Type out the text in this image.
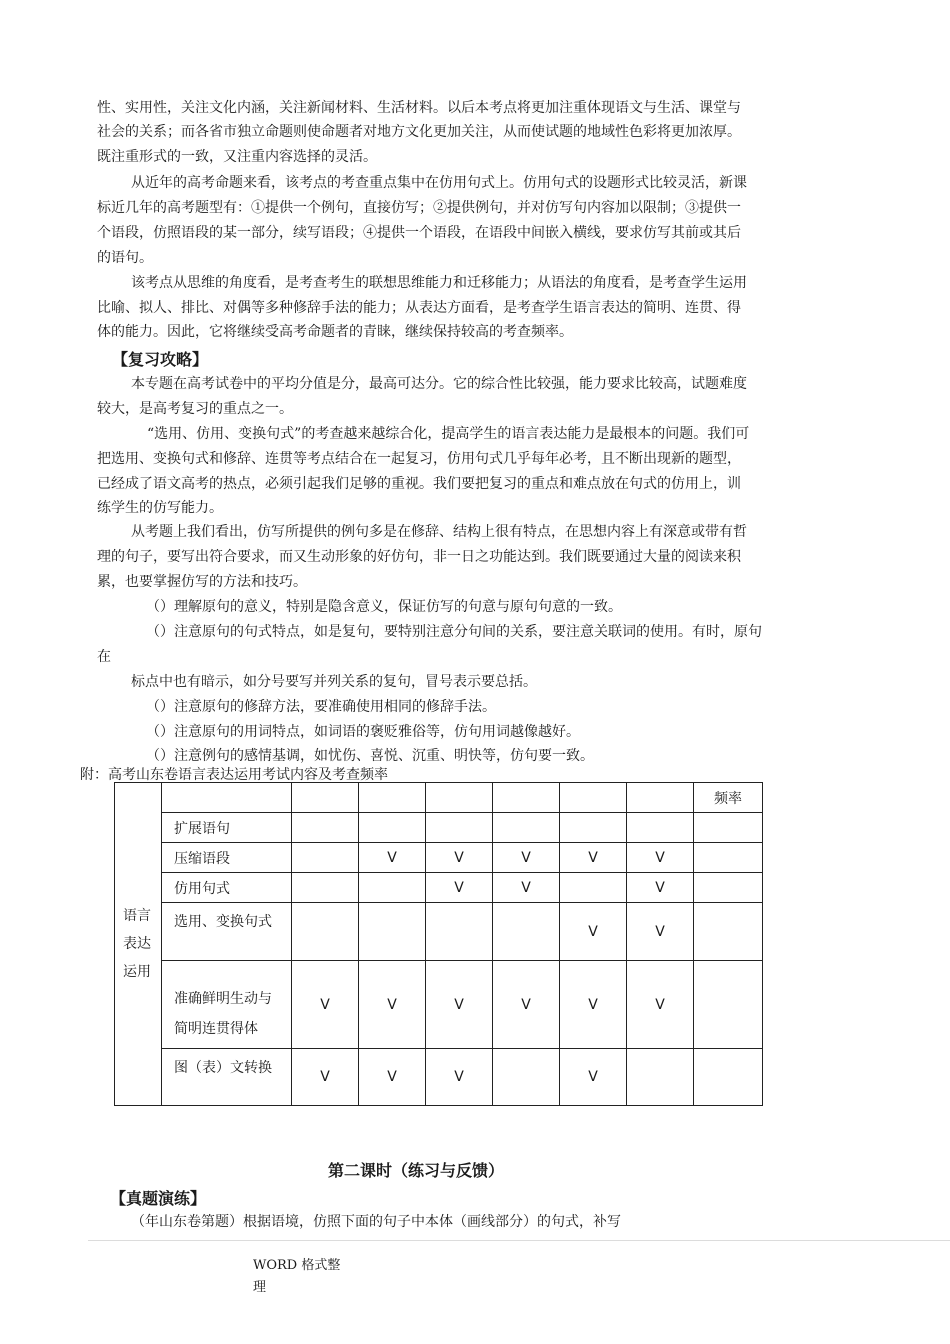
性、实用性，关注文化内涵，关注新闻材料、生活材料。以后本考点将更加注重体现语文与生活、课堂与
社会的关系；而各省市独立命题则使命题者对地方文化更加关注，从而使试题的地域性色彩将更加浓厚。
既注重形式的一致，又注重内容选择的灵活。
从近年的高考命题来看，该考点的考查重点集中在仿用句式上。仿用句式的设题形式比较灵活，新课
标近几年的高考题型有：①提供一个例句，直接仿写；②提供例句，并对仿写句内容加以限制；③提供一
个语段，仿照语段的某一部分，续写语段；④提供一个语段，在语段中间嵌入横线，要求仿写其前或其后
的语句。
该考点从思维的角度看，是考查考生的联想思维能力和迁移能力；从语法的角度看，是考查学生运用
比喻、拟人、排比、对偶等多种修辞手法的能力；从表达方面看，是考查学生语言表达的简明、连贯、得
体的能力。因此，它将继续受高考命题者的青睐，继续保持较高的考查频率。
【复习攻略】
本专题在高考试卷中的平均分值是分，最高可达分。它的综合性比较强，能力要求比较高，试题难度
较大，是高考复习的重点之一。
“选用、仿用、变换句式”的考查越来越综合化，提高学生的语言表达能力是最根本的问题。我们可
把选用、变换句式和修辞、连贯等考点结合在一起复习，仿用句式几乎每年必考，且不断出现新的题型，
已经成了语文高考的热点，必须引起我们足够的重视。我们要把复习的重点和难点放在句式的仿用上，训
练学生的仿写能力。
从考题上我们看出，仿写所提供的例句多是在修辞、结构上很有特点，在思想内容上有深意或带有哲
理的句子，要写出符合要求，而又生动形象的好仿句，非一日之功能达到。我们既要通过大量的阅读来积
累，也要掌握仿写的方法和技巧。
（）理解原句的意义，特别是隐含意义，保证仿写的句意与原句句意的一致。
（）注意原句的句式特点，如是复句，要特别注意分句间的关系，要注意关联词的使用。有时，原句
在
标点中也有暗示，如分号要写并列关系的复句，冒号表示要总括。
（）注意原句的修辞方法，要准确使用相同的修辞手法。
（）注意原句的用词特点，如词语的褒贬雅俗等，仿句用词越像越好。
（）注意例句的感情基调，如忧伤、喜悦、沉重、明快等，仿句要一致。
附：高考山东卷语言表达运用考试内容及考查频率
语言
表达
运用								频率
	扩展语句							
	压缩语段		V	V	V	V	V	
	仿用句式			V	V		V	
	选用、变换句式					V	V	

	准确鲜明生动与
简明连贯得体	V	V	V	V	V	V	
	图（表）文转换	V	V	V		V		
第二课时（练习与反馈）
【真题演练】
（年山东卷第题）根据语境，仿照下面的句子中本体（画线部分）的句式，补写
WORD 格式整
理
